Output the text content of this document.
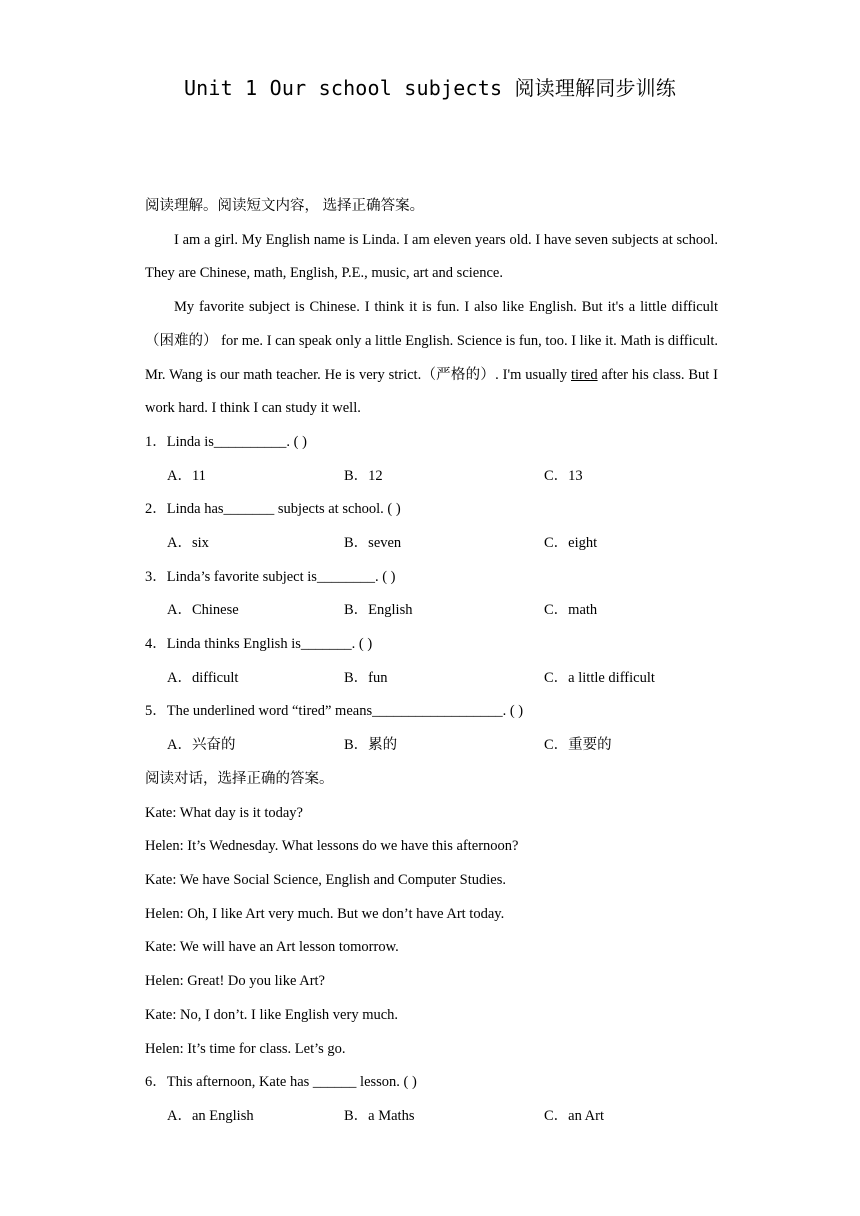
Unit 1 Our school subjects 阅读理解同步训练

阅读理解。阅读短文内容， 选择正确答案。

I am a girl. My English name is Linda. I am eleven years old. I have seven subjects at school. They are Chinese, math, English, P.E., music, art and science.

My favorite subject is Chinese. I think it is fun. I also like English. But it's a little difficult（困难的） for me. I can speak only a little English. Science is fun, too. I like it. Math is difficult. Mr. Wang is our math teacher. He is very strict.（严格的）. I'm usually tired after his class. But I work hard. I think I can study it well.

1．Linda is__________. ( )

A．11	B．12	C．13

2．Linda has_______ subjects at school. ( )

A．six	B．seven	C．eight

3．Linda’s favorite subject is________. ( )

A．Chinese	B．English	C．math

4．Linda thinks English is_______. ( )

A．difficult	B．fun	C．a little difficult

5．The underlined word “tired” means__________________. ( )

A．兴奋的	B．累的	C．重要的

阅读对话，选择正确的答案。

Kate: What day is it today?

Helen: It’s Wednesday. What lessons do we have this afternoon?

Kate: We have Social Science, English and Computer Studies.

Helen: Oh, I like Art very much. But we don’t have Art today.

Kate: We will have an Art lesson tomorrow.

Helen: Great! Do you like Art?

Kate: No, I don’t. I like English very much.

Helen: It’s time for class. Let’s go.

6．This afternoon, Kate has ______ lesson. ( )

A．an English	B．a Maths	C．an Art
